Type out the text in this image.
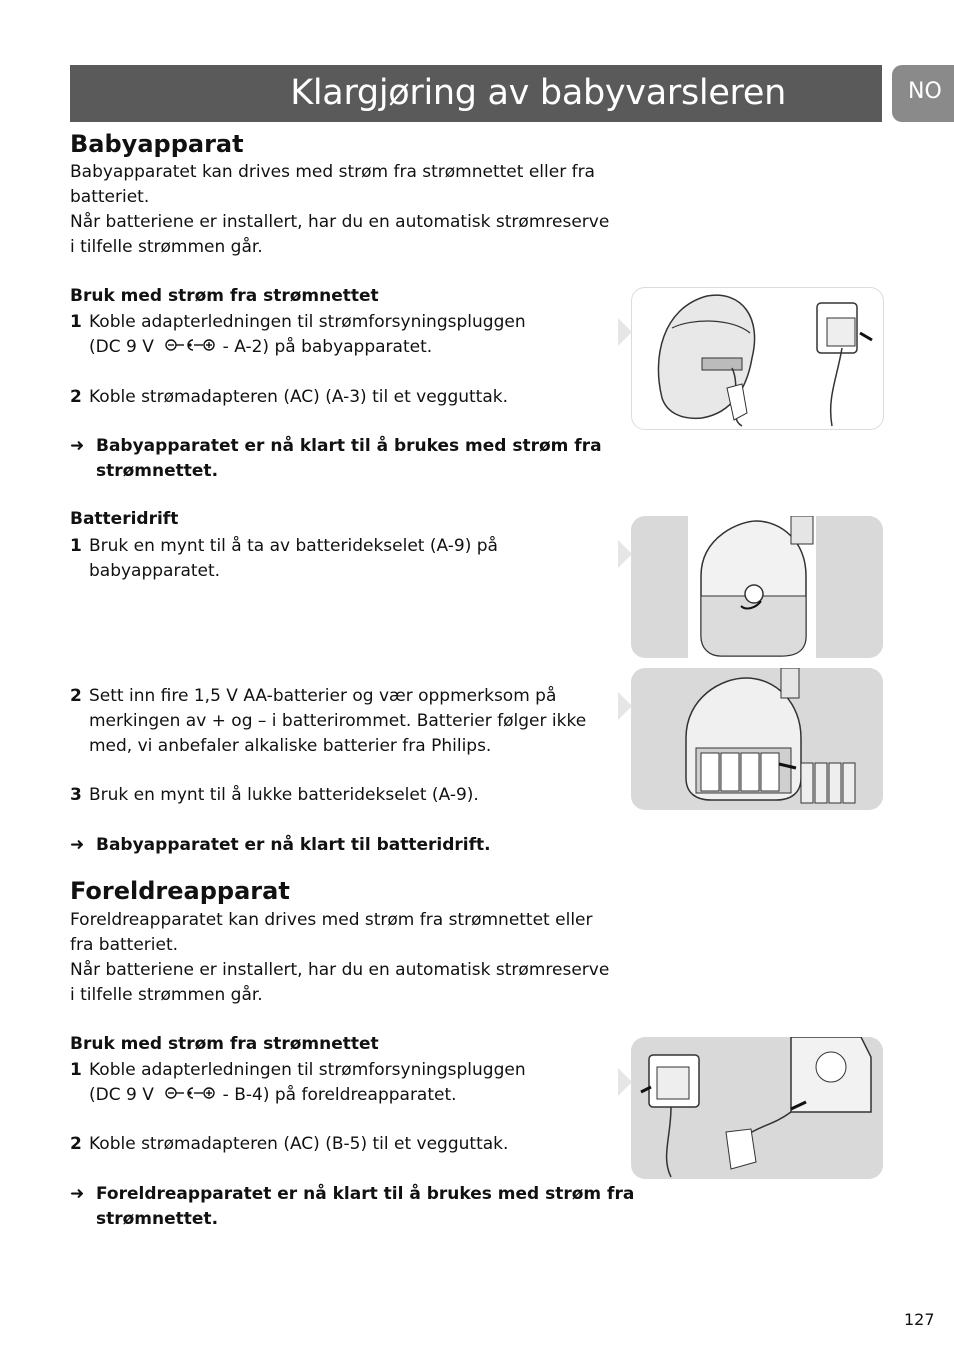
Klargjøring av babyvarsleren	NO
Babyapparat
Babyapparatet kan drives med strøm fra strømnettet eller fra batteriet.
Når batteriene er installert, har du en automatisk strømreserve i tilfelle strømmen går.
Bruk med strøm fra strømnettet
1 Koble adapterledningen til strømforsyningspluggen
(DC 9 V	- A-2) på babyapparatet.
2 Koble strømadapteren (AC) (A-3) til et vegguttak.
➜ Babyapparatet er nå klart til å brukes med strøm fra strømnettet.
Batteridrift
1 Bruk en mynt til å ta av batteridekselet (A-9) på babyapparatet.
2 Sett inn fire 1,5 V AA-batterier og vær oppmerksom på merkingen av + og – i batterirommet. Batterier følger ikke med, vi anbefaler alkaliske batterier fra Philips.
3 Bruk en mynt til å lukke batteridekselet (A-9).
➜ Babyapparatet er nå klart til batteridrift.
Foreldreapparat
Foreldreapparatet kan drives med strøm fra strømnettet eller fra batteriet.
Når batteriene er installert, har du en automatisk strømreserve i tilfelle strømmen går.
Bruk med strøm fra strømnettet
1 Koble adapterledningen til strømforsyningspluggen
(DC 9 V	- B-4) på foreldreapparatet.
2 Koble strømadapteren (AC) (B-5) til et vegguttak.
➜ Foreldreapparatet er nå klart til å brukes med strøm fra strømnettet.
127
